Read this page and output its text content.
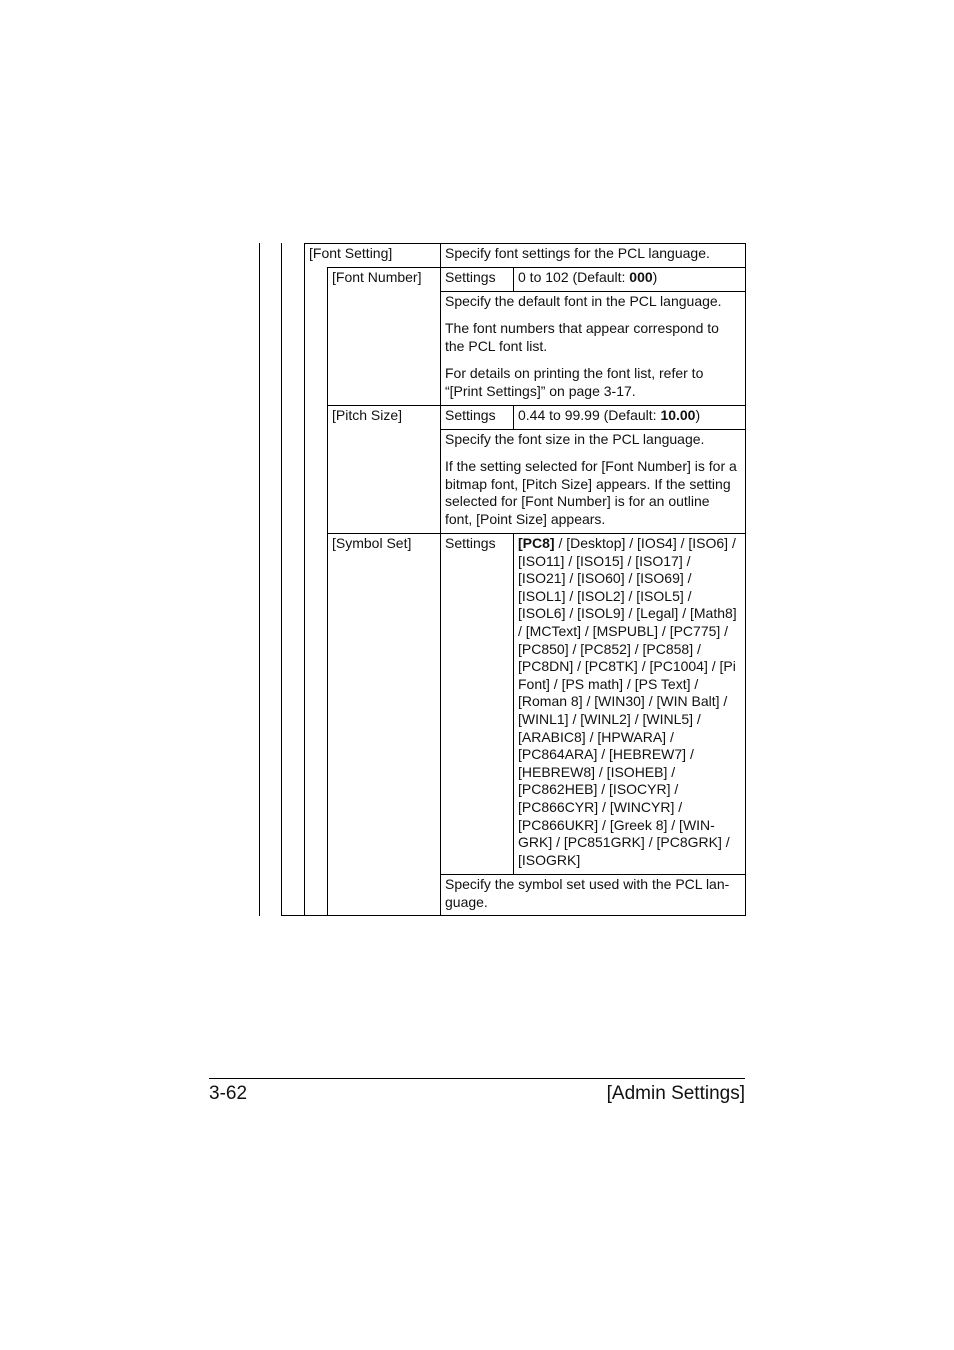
[Font Setting]	Specify font settings for the PCL language.
[Font Number] Settings 0 to 102 (Default: 000)
Specify the default font in the PCL language.
The font numbers that appear correspond to
the PCL font list.
For details on printing the font list, refer to
“[Print Settings]” on page 3-17.
[Pitch Size]	Settings 0.44 to 99.99 (Default: 10.00)
Specify the font size in the PCL language.
If the setting selected for [Font Number] is for a
bitmap font, [Pitch Size] appears. If the setting
selected for [Font Number] is for an outline
font, [Point Size] appears.
[Symbol Set] Settings [PC8] / [Desktop] / [IOS4] / [ISO6] /
[ISO11] / [ISO15] / [ISO17] /
[ISO21] / [ISO60] / [ISO69] /
[ISOL1] / [ISOL2] / [ISOL5] /
[ISOL6] / [ISOL9] / [Legal] / [Math8]
/ [MCText] / [MSPUBL] / [PC775] /
[PC850] / [PC852] / [PC858] /
[PC8DN] / [PC8TK] / [PC1004] / [Pi
Font] / [PS math] / [PS Text] /
[Roman 8] / [WIN30] / [WIN Balt] /
[WINL1] / [WINL2] / [WINL5] /
[ARABIC8] / [HPWARA] /
[PC864ARA] / [HEBREW7] /
[HEBREW8] / [ISOHEB] /
[PC862HEB] / [ISOCYR] /
[PC866CYR] / [WINCYR] /
[PC866UKR] / [Greek 8] / [WIN-
GRK] / [PC851GRK] / [PC8GRK] /
[ISOGRK]
Specify the symbol set used with the PCL lan-
guage.
3-62	[Admin Settings]
